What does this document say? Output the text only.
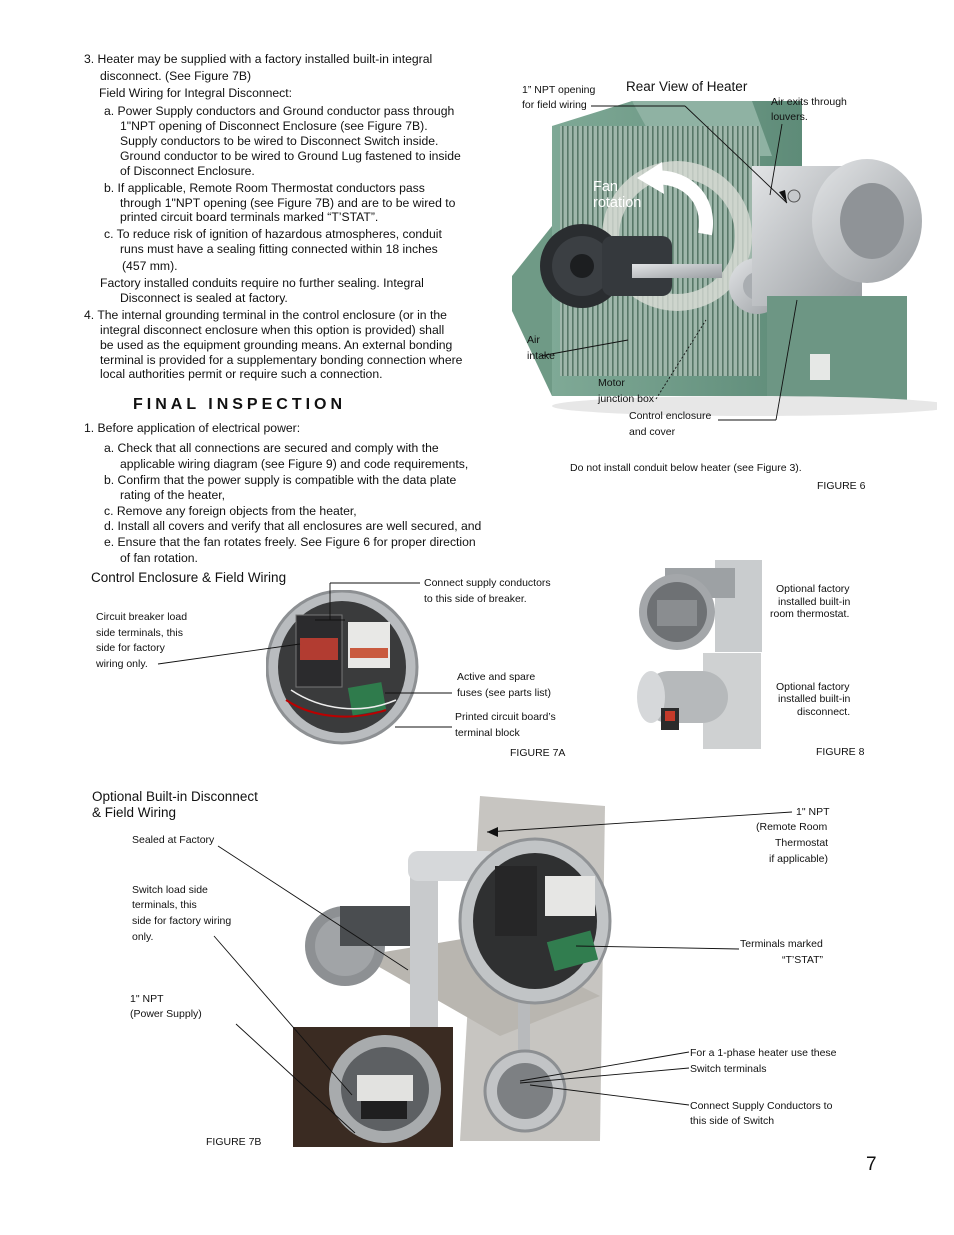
3. Heater may be supplied with a factory installed built-in integral
disconnect. (See Figure 7B)
Field Wiring for Integral Disconnect:
a. Power Supply conductors and Ground conductor pass through
1"NPT opening of Disconnect Enclosure (see Figure 7B).
Supply conductors to be wired to Disconnect Switch inside.
Ground conductor to be wired to Ground Lug fastened to inside
of Disconnect Enclosure.
b. If applicable, Remote Room Thermostat conductors pass
through 1"NPT opening (see Figure 7B) and are to be wired to
printed circuit board terminals marked “T’STAT”.
c. To reduce risk of ignition of hazardous atmospheres, conduit
runs must have a sealing fitting connected within 18 inches
(457 mm).
Factory installed conduits require no further sealing. Integral
Disconnect is sealed at factory.
4. The internal grounding terminal in the control enclosure (or in the
integral disconnect enclosure when this option is provided) shall
be used as the equipment grounding means. An external bonding
terminal is provided for a supplementary bonding connection where
local authorities permit or require such a connection.
FINAL INSPECTION
1. Before application of electrical power:
a. Check that all connections are secured and comply with the
applicable wiring diagram (see Figure 9) and code requirements,
b. Confirm that the power supply is compatible with the data plate
rating of the heater,
c. Remove any foreign objects from the heater,
d. Install all covers and verify that all enclosures are well secured, and
e. Ensure that the fan rotates freely. See Figure 6 for proper direction
of fan rotation.
Fan
rotation
Rear View of Heater
1” NPT opening
for field wiring	Air exits through
louvers.
Air
intake
Motor
junction box
Control enclosure
and cover
Do not install conduit below heater (see Figure 3).
FIGURE 6
Control Enclosure & Field Wiring
Circuit breaker load
side terminals, this
side for factory
wiring only.
Connect supply conductors
to this side of breaker.
Active and spare
fuses (see parts list)
Printed circuit board’s
terminal block
FIGURE 7A
Optional factory
installed built-in
room thermostat.
Optional factory
installed built-in
disconnect.
FIGURE 8
Optional Built-in Disconnect
& Field Wiring
Sealed at Factory
Switch load side
terminals, this
side for factory wiring
only.
1" NPT
(Power Supply)
1" NPT
(Remote Room
Thermostat
if applicable)
Terminals marked
“T’STAT”
For a 1-phase heater use these
Switch terminals
Connect Supply Conductors to
this side of Switch
FIGURE 7B
7
